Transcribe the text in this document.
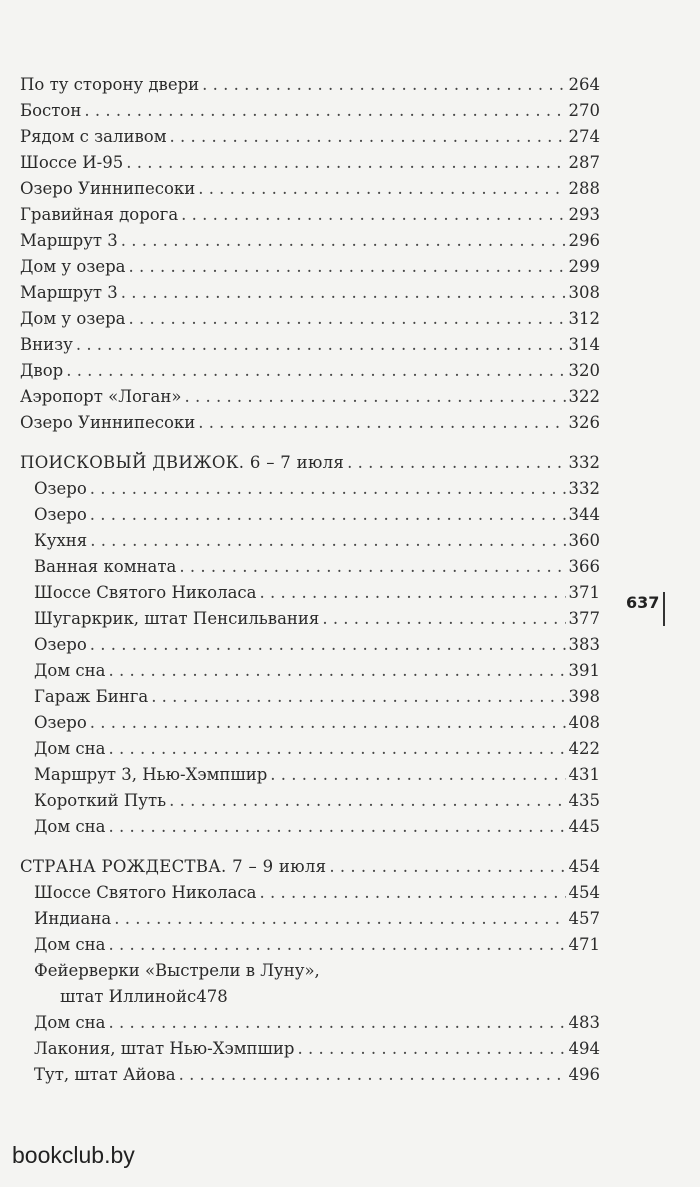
По ту сторону двери . . .	264
Бостон . . .	270
Рядом с заливом . . .	274
Шоссе И-95 . . .	287
Озеро Уиннипесоки . . .	288
Гравийная дорога . . .	293
Маршрут 3 . . .	296
Дом у озера . . .	299
Маршрут 3 . . .	308
Дом у озера . . .	312
Внизу . . .	314
Двор . . .	320
Аэропорт «Логан» . . .	322
Озеро Уиннипесоки . . .	326
ПОИСКОВЫЙ ДВИЖОК. 6 – 7 июля . . .	332
Озеро . . .	332
Озеро . . .	344
Кухня . . .	360
Ванная комната . . .	366
Шоссе Святого Николаса . . .	371
Шугаркрик, штат Пенсильвания . . .	377
Озеро . . .	383
Дом сна . . .	391
Гараж Бинга . . .	398
Озеро . . .	408
Дом сна . . .	422
Маршрут 3, Нью-Хэмпшир . . .	431
Короткий Путь . . .	435
Дом сна . . .	445
СТРАНА РОЖДЕСТВА. 7 – 9 июля . . .	454
Шоссе Святого Николаса . . .	454
Индиана . . .	457
Дом сна . . .	471
Фейерверки «Выстрели в Луну»,
штат Иллинойс 478
Дом сна . . .	483
Лакония, штат Нью-Хэмпшир . . .	494
Тут, штат Айова . . .	496
637
bookclub.by
